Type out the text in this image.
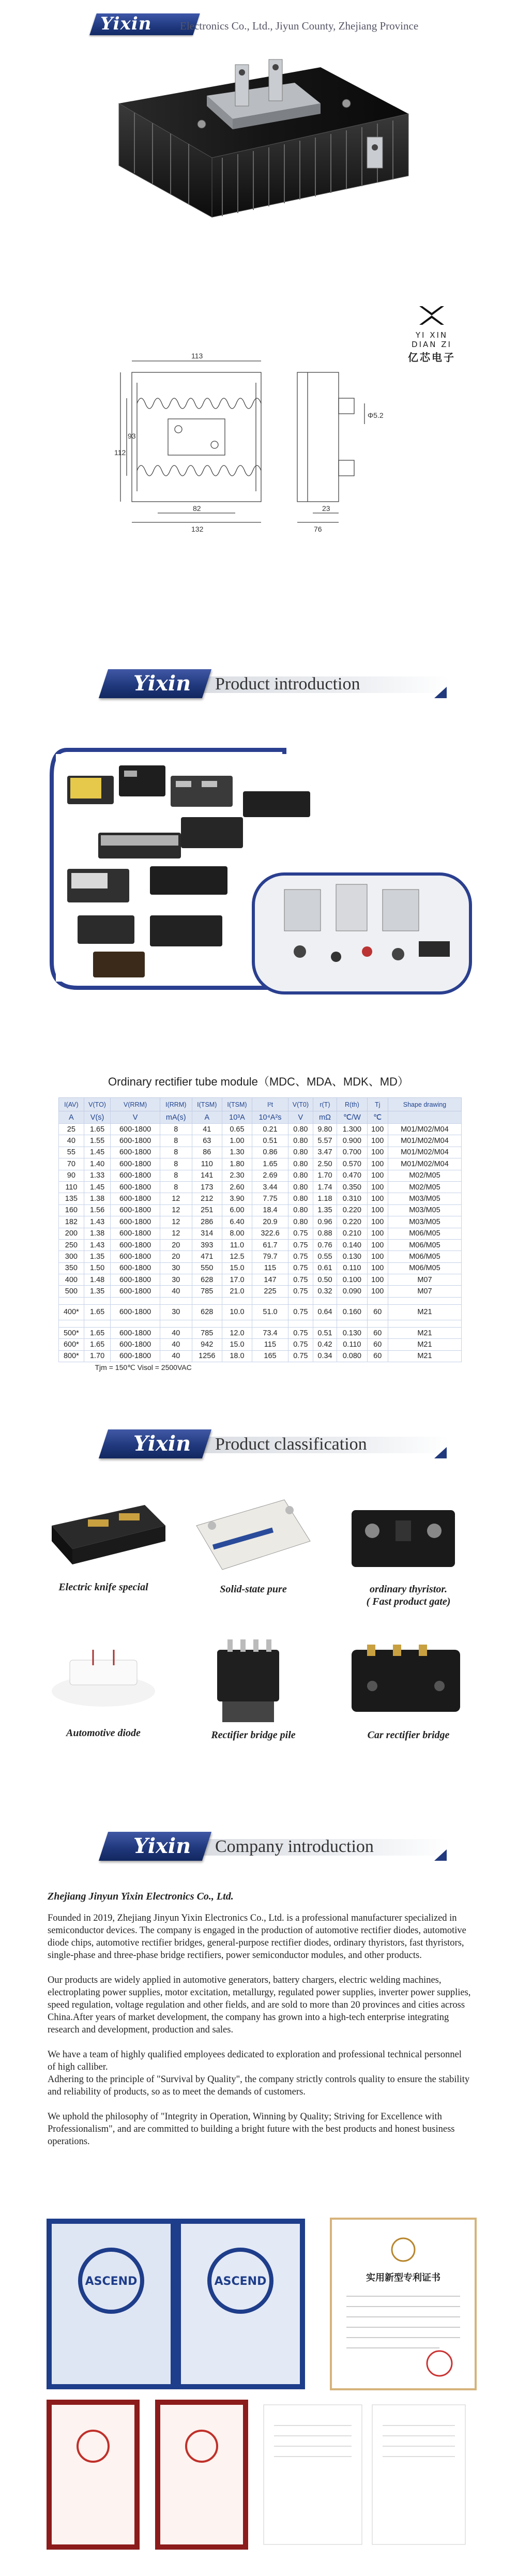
Yixin	Electronics Co., Ltd., Jiyun County, Zhejiang Province
YI XIN DIAN ZI
亿芯电子
113
Φ5.2
93
112
82
132
23
76
Yixin Product introduction
Ordinary rectifier tube module（MDC、MDA、MDK、MD）
I(AV)	V(TO)	V(RRM)	I(RRM)	I(TSM)	I(TSM)	I²t	V(T0)	r(T)	R(th)	Tj	Shape drawing
A	V(s)	V	mA(s)	A	10³A	10⁴A²s	V	mΩ	℃/W	℃	
25	1.65	600-1800	8	41	0.65	0.21	0.80	9.80	1.300	100	M01/M02/M04
40	1.55	600-1800	8	63	1.00	0.51	0.80	5.57	0.900	100	M01/M02/M04
55	1.45	600-1800	8	86	1.30	0.86	0.80	3.47	0.700	100	M01/M02/M04
70	1.40	600-1800	8	110	1.80	1.65	0.80	2.50	0.570	100	M01/M02/M04
90	1.33	600-1800	8	141	2.30	2.69	0.80	1.70	0.470	100	M02/M05
110	1.45	600-1800	8	173	2.60	3.44	0.80	1.74	0.350	100	M02/M05
135	1.38	600-1800	12	212	3.90	7.75	0.80	1.18	0.310	100	M03/M05
160	1.56	600-1800	12	251	6.00	18.4	0.80	1.35	0.220	100	M03/M05
182	1.43	600-1800	12	286	6.40	20.9	0.80	0.96	0.220	100	M03/M05
200	1.38	600-1800	12	314	8.00	322.6	0.75	0.88	0.210	100	M06/M05
250	1.43	600-1800	20	393	11.0	61.7	0.75	0.76	0.140	100	M06/M05
300	1.35	600-1800	20	471	12.5	79.7	0.75	0.55	0.130	100	M06/M05
350	1.50	600-1800	30	550	15.0	115	0.75	0.61	0.110	100	M06/M05
400	1.48	600-1800	30	628	17.0	147	0.75	0.50	0.100	100	M07
500	1.35	600-1800	40	785	21.0	225	0.75	0.32	0.090	100	M07

400*	1.65	600-1800	30	628	10.0	51.0	0.75	0.64	0.160	60	M21

500*	1.65	600-1800	40	785	12.0	73.4	0.75	0.51	0.130	60	M21
600*	1.65	600-1800	40	942	15.0	115	0.75	0.42	0.110	60	M21
800*	1.70	600-1800	40	1256	18.0	165	0.75	0.34	0.080	60	M21
Tjm = 150℃ Visol = 2500VAC											
Yixin Product classification
Electric knife special	Solid-state pure	ordinary thyristor.
( Fast product gate)
Automotive diode	Rectifier bridge pile	Car rectifier bridge
Yixin Company introduction
Zhejiang Jinyun Yixin Electronics Co., Ltd.

Founded in 2019, Zhejiang Jinyun Yixin Electronics Co., Ltd. is a professional manufacturer specialized in semiconductor devices. The company is engaged in the production of automotive rectifier diodes, automotive diode chips, automotive rectifier bridges, general-purpose rectifier diodes, ordinary thyristors, fast thyristors, single-phase and three-phase bridge rectifiers, power semiconductor modules, and other products.

Our products are widely applied in automotive generators, battery chargers, electric welding machines, electroplating power supplies, motor excitation, metallurgy, regulated power supplies, inverter power supplies, speed regulation, voltage regulation and other fields, and are sold to more than 20 provinces and cities across China.After years of market development, the company has grown into a high-tech enterprise integrating research and development, production and sales.

We have a team of highly qualified employees dedicated to exploration and professional technical personnel of high calliber.
Adhering to the principle of "Survival by Quality", the company strictly controls quality to ensure the stability and reliability of products, so as to meet the demands of customers.

We uphold the philosophy of "Integrity in Operation, Winning by Quality; Striving for Excellence with Professionalism", and are committed to building a bright future with the best products and honest business operations.

ASCEND	ASCEND	实用新型专利证书
